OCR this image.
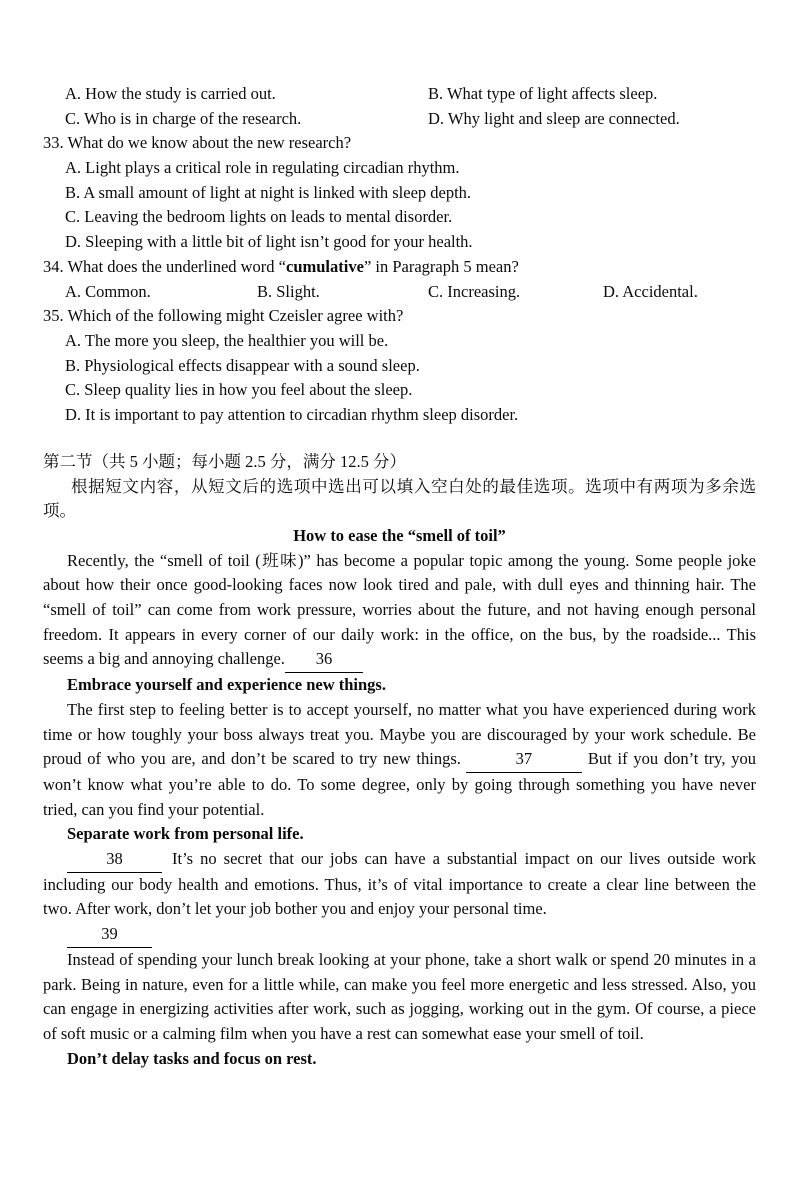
A. How the study is carried out.	B. What type of light affects sleep.
C. Who is in charge of the research.	D. Why light and sleep are connected.

33. What do we know about the new research?

A. Light plays a critical role in regulating circadian rhythm.

B. A small amount of light at night is linked with sleep depth.

C. Leaving the bedroom lights on leads to mental disorder.

D. Sleeping with a little bit of light isn’t good for your health.

34. What does the underlined word “cumulative” in Paragraph 5 mean?

A. Common.	B. Slight.	C. Increasing.	D. Accidental.

35. Which of the following might Czeisler agree with?

A. The more you sleep, the healthier you will be.

B. Physiological effects disappear with a sound sleep.

C. Sleep quality lies in how you feel about the sleep.

D. It is important to pay attention to circadian rhythm sleep disorder.

第二节（共 5 小题；每小题 2.5 分，满分 12.5 分）

根据短文内容，从短文后的选项中选出可以填入空白处的最佳选项。选项中有两项为多余选项。

How to ease the “smell of toil”

Recently, the “smell of toil (班味)” has become a popular topic among the young. Some people joke about how their once good-looking faces now look tired and pale, with dull eyes and thinning hair. The “smell of toil” can come from work pressure, worries about the future, and not having enough personal freedom. It appears in every corner of our daily work: in the office, on the bus, by the roadside... This seems a big and annoying challenge. 36

Embrace yourself and experience new things.

The first step to feeling better is to accept yourself, no matter what you have experienced during work time or how toughly your boss always treat you. Maybe you are discouraged by your work schedule. Be proud of who you are, and don’t be scared to try new things.	37	But if you don’t try, you won’t know what you’re able to do. To some degree, only by going through something you have never tried, can you find your potential.

Separate work from personal life.

38	It’s no secret that our jobs can have a substantial impact on our lives outside work including our body health and emotions. Thus, it’s of vital importance to create a clear line between the two. After work, don’t let your job bother you and enjoy your personal time.

39

Instead of spending your lunch break looking at your phone, take a short walk or spend 20 minutes in a park. Being in nature, even for a little while, can make you feel more energetic and less stressed. Also, you can engage in energizing activities after work, such as jogging, working out in the gym. Of course, a piece of soft music or a calming film when you have a rest can somewhat ease your smell of toil.

Don’t delay tasks and focus on rest.
